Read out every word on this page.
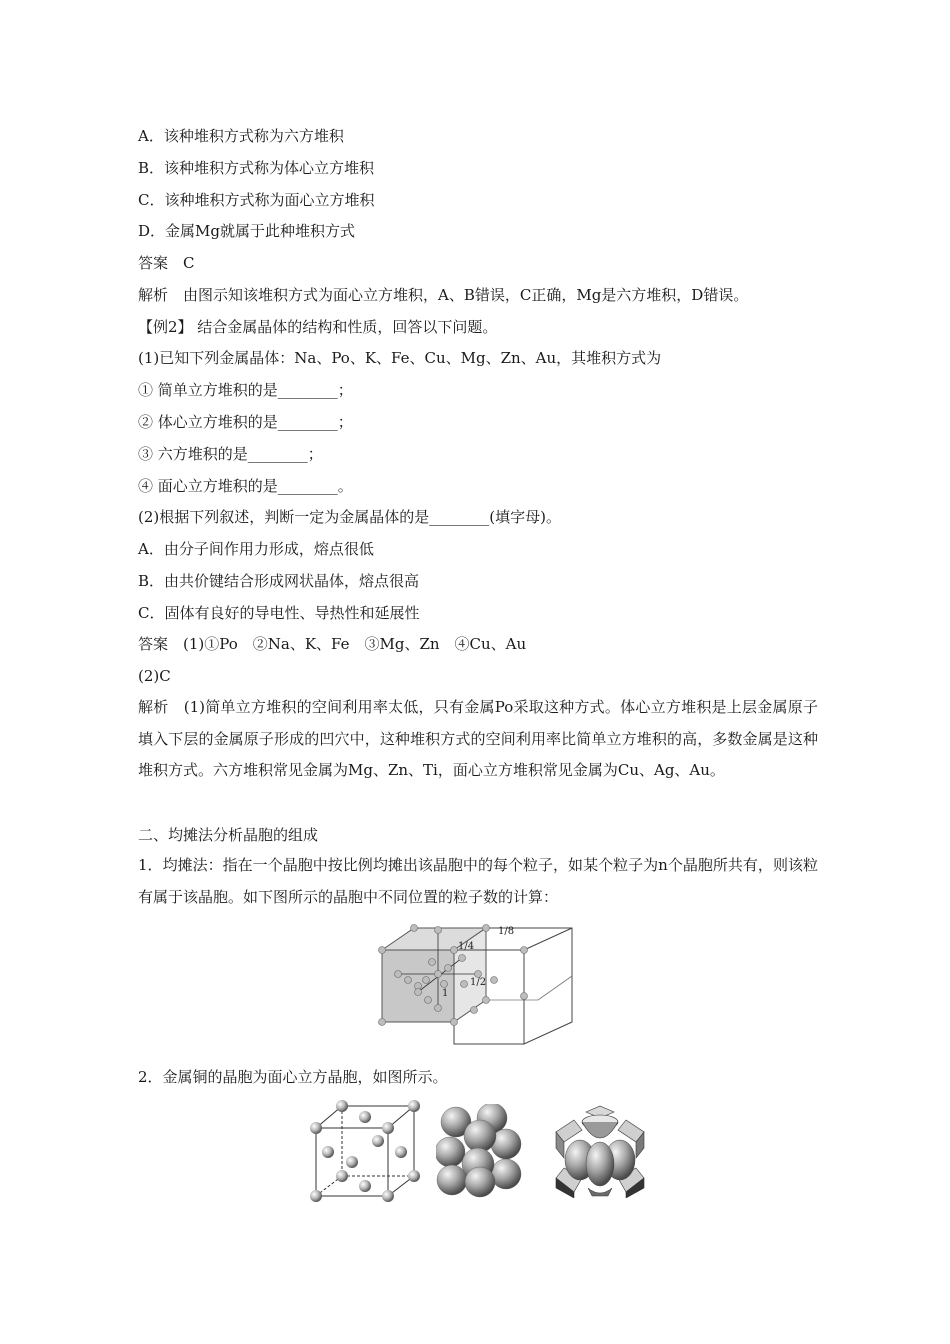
A．该种堆积方式称为六方堆积
B．该种堆积方式称为体心立方堆积
C．该种堆积方式称为面心立方堆积
D．金属Mg就属于此种堆积方式
答案　C
解析　由图示知该堆积方式为面心立方堆积，A、B错误，C正确，Mg是六方堆积，D错误。
【例2】 结合金属晶体的结构和性质，回答以下问题。
(1)已知下列金属晶体：Na、Po、K、Fe、Cu、Mg、Zn、Au，其堆积方式为
① 简单立方堆积的是________；
② 体心立方堆积的是________；
③ 六方堆积的是________；
④ 面心立方堆积的是________。
(2)根据下列叙述，判断一定为金属晶体的是________(填字母)。
A．由分子间作用力形成，熔点很低
B．由共价键结合形成网状晶体，熔点很高
C．固体有良好的导电性、导热性和延展性
答案　(1)①Po　②Na、K、Fe　③Mg、Zn　④Cu、Au
(2)C
解析　(1)简单立方堆积的空间利用率太低，只有金属Po采取这种方式。体心立方堆积是上层金属原子填入下层的金属原子形成的凹穴中，这种堆积方式的空间利用率比简单立方堆积的高，多数金属是这种堆积方式。六方堆积常见金属为Mg、Zn、Ti，面心立方堆积常见金属为Cu、Ag、Au。
二、均摊法分析晶胞的组成
1．均摊法：指在一个晶胞中按比例均摊出该晶胞中的每个粒子，如某个粒子为n个晶胞所共有，则该粒有属于该晶胞。如下图所示的晶胞中不同位置的粒子数的计算：
1/8
1/4
1/2
1
2．金属铜的晶胞为面心立方晶胞，如图所示。
